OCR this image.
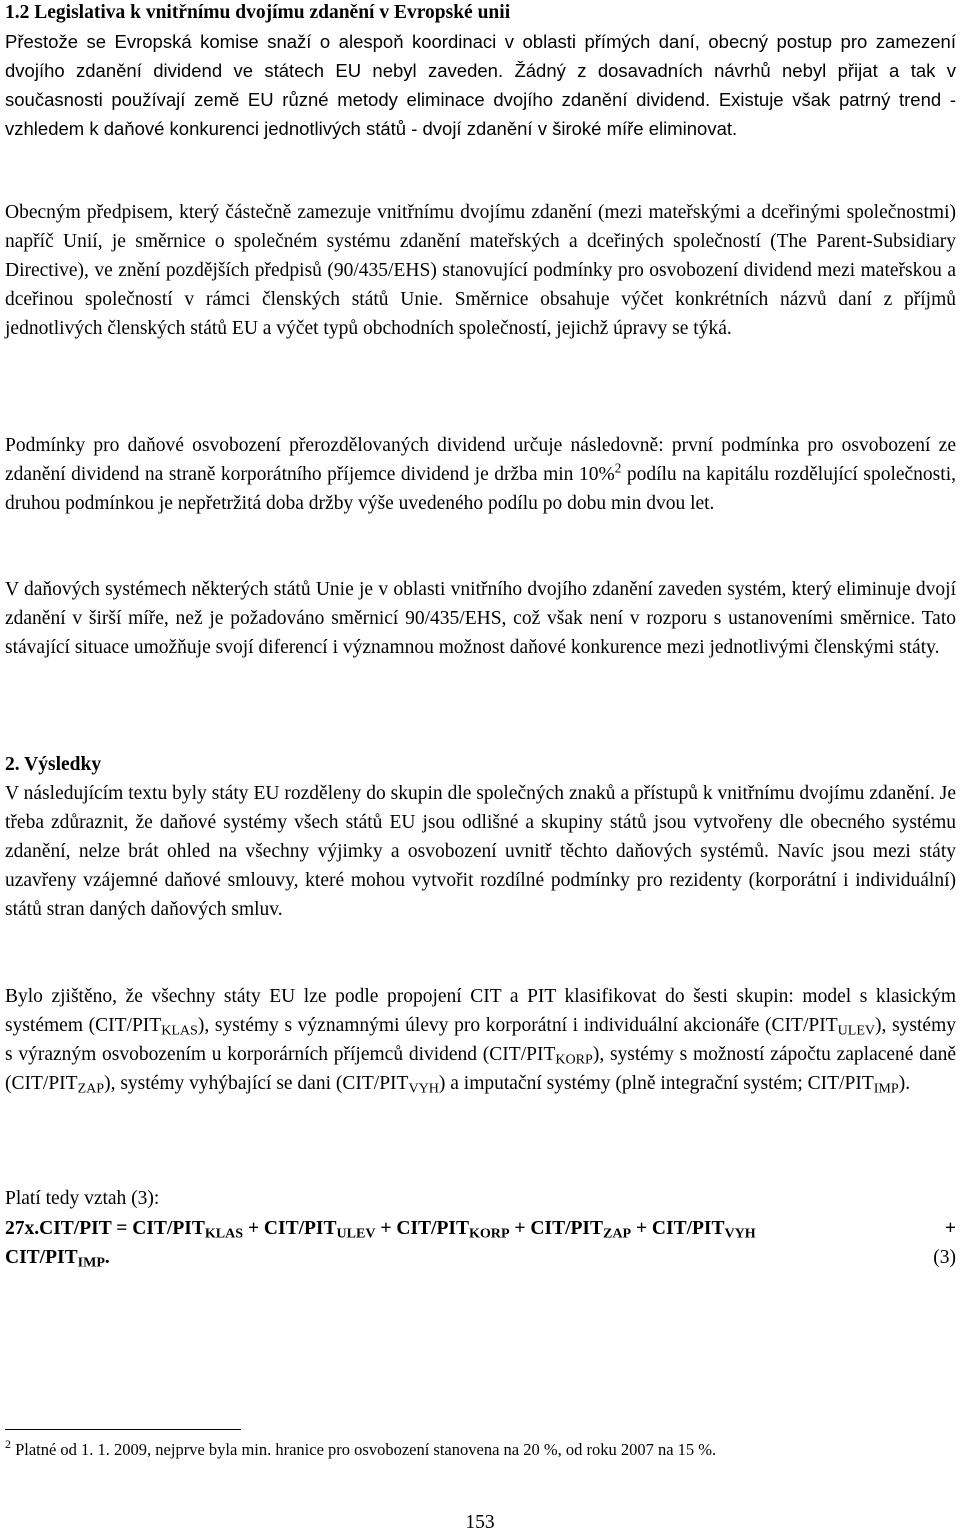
1.2 Legislativa k vnitřnímu dvojímu zdanění v Evropské unii

Přestože se Evropská komise snaží o alespoň koordinaci v oblasti přímých daní, obecný postup pro zamezení dvojího zdanění dividend ve státech EU nebyl zaveden. Žádný z dosavadních návrhů nebyl přijat a tak v současnosti používají země EU různé metody eliminace dvojího zdanění dividend. Existuje však patrný trend - vzhledem k daňové konkurenci jednotlivých států - dvojí zdanění v široké míře eliminovat.

Obecným předpisem, který částečně zamezuje vnitřnímu dvojímu zdanění (mezi mateřskými a dceřinými společnostmi) napříč Unií, je směrnice o společném systému zdanění mateřských a dceřiných společností (The Parent-Subsidiary Directive), ve znění pozdějších předpisů (90/435/EHS) stanovující podmínky pro osvobození dividend mezi mateřskou a dceřinou společností v rámci členských států Unie. Směrnice obsahuje výčet konkrétních názvů daní z příjmů jednotlivých členských států EU a výčet typů obchodních společností, jejichž úpravy se týká.

Podmínky pro daňové osvobození přerozdělovaných dividend určuje následovně: první podmínka pro osvobození ze zdanění dividend na straně korporátního příjemce dividend je držba min 10%$^2$ podílu na kapitálu rozdělující společnosti, druhou podmínkou je nepřetržitá doba držby výše uvedeného podílu po dobu min dvou let.

V daňových systémech některých států Unie je v oblasti vnitřního dvojího zdanění zaveden systém, který eliminuje dvojí zdanění v širší míře, než je požadováno směrnicí 90/435/EHS, což však není v rozporu s ustanoveními směrnice. Tato stávající situace umožňuje svojí diferencí i významnou možnost daňové konkurence mezi jednotlivými členskými státy.

2. Výsledky

V následujícím textu byly státy EU rozděleny do skupin dle společných znaků a přístupů k vnitřnímu dvojímu zdanění. Je třeba zdůraznit, že daňové systémy všech států EU jsou odlišné a skupiny států jsou vytvořeny dle obecného systému zdanění, nelze brát ohled na všechny výjimky a osvobození uvnitř těchto daňových systémů. Navíc jsou mezi státy uzavřeny vzájemné daňové smlouvy, které mohou vytvořit rozdílné podmínky pro rezidenty (korporátní i individuální) států stran daných daňových smluv.

Bylo zjištěno, že všechny státy EU lze podle propojení CIT a PIT klasifikovat do šesti skupin: model s klasickým systémem $(CIT/PIT_{KLAS})$, systémy s významnými úlevy pro korporátní i individuální akcionáře $(CIT/PIT_{ULEV})$, systémy s výrazným osvobozením u korporárních příjemců dividend $(CIT/PIT_{KORP})$, systémy s možností zápočtu zaplacené daně $(CIT/PIT_{ZAP})$, systémy vyhýbající se dani $(CIT/PIT_{VYH})$ a imputační systémy (plně integrační systém; CIT/$PIT_{IMP}$).

Platí tedy vztah (3):
27x.CIT/PIT = CIT/$PIT_{KLAS} + CIT/PIT_{ULEV} + CIT/PIT_{KORP} + CIT/PIT_{ZAP} + CIT/PIT_{VYH}$	+
CIT/$PIT_{IMP}$.	(3)
$^2$ Platné od 1. 1. 2009, nejprve byla min. hranice pro osvobození stanovena na 20 %, od roku 2007 na 15 %.
153
